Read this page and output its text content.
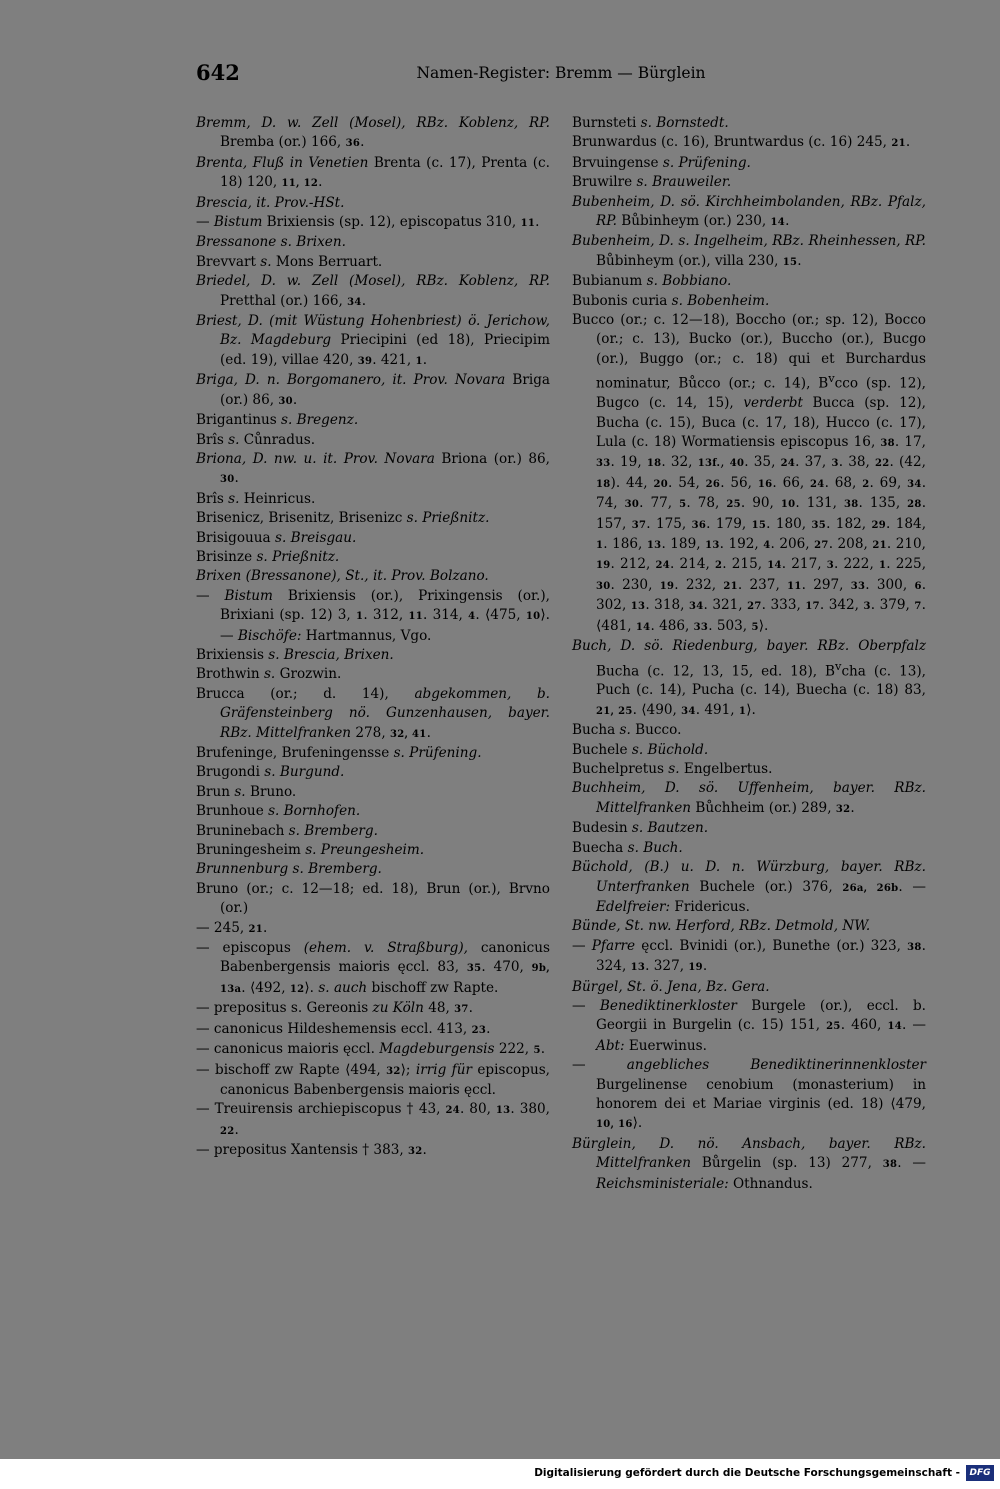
642	Namen-Register: Bremm — Bürglein

Bremm, D. w. Zell (Mosel), RBz. Koblenz, RP. Bremba (or.) 166, 36.

Brenta, Fluß in Venetien Brenta (c. 17), Prenta (c. 18) 120, 11, 12.

Brescia, it. Prov.-HSt.

— Bistum Brixiensis (sp. 12), episcopatus 310, 11.

Bressanone s. Brixen.

Brevvart s. Mons Berruart.

Briedel, D. w. Zell (Mosel), RBz. Koblenz, RP. Pretthal (or.) 166, 34.

Briest, D. (mit Wüstung Hohenbriest) ö. Jerichow, Bz. Magdeburg Priecipini (ed 18), Priecipim (ed. 19), villae 420, 39. 421, 1.

Briga, D. n. Borgomanero, it. Prov. Novara Briga (or.) 86, 30.

Brigantinus s. Bregenz.

Brîs s. Cůnradus.

Briona, D. nw. u. it. Prov. Novara Briona (or.) 86, 30.

Brîs s. Heinricus.

Brisenicz, Brisenitz, Brisenizc s. Prießnitz.

Brisigouua s. Breisgau.

Brisinze s. Prießnitz.

Brixen (Bressanone), St., it. Prov. Bolzano.

— Bistum Brixiensis (or.), Prixingensis (or.), Brixiani (sp. 12) 3, 1. 312, 11. 314, 4. ⟨475, 10⟩. — Bischöfe: Hartmannus, Vgo.

Brixiensis s. Brescia, Brixen.

Brothwin s. Grozwin.

Brucca (or.; d. 14), abgekommen, b. Gräfensteinberg nö. Gunzenhausen, bayer. RBz. Mittelfranken 278, 32, 41.

Brufeninge, Brufeningensse s. Prüfening.

Brugondi s. Burgund.

Brun s. Bruno.

Brunhoue s. Bornhofen.

Bruninebach s. Bremberg.

Bruningesheim s. Preungesheim.

Brunnenburg s. Bremberg.

Bruno (or.; c. 12—18; ed. 18), Brun (or.), Brvno (or.)

— 245, 21.

— episcopus (ehem. v. Straßburg), canonicus Babenbergensis maioris ęccl. 83, 35. 470, 9b, 13a. ⟨492, 12⟩. s. auch bischoff zw Rapte.

— prepositus s. Gereonis zu Köln 48, 37.

— canonicus Hildeshemensis eccl. 413, 23.

— canonicus maioris ęccl. Magdeburgensis 222, 5.

— bischoff zw Rapte ⟨494, 32⟩; irrig für episcopus, canonicus Babenbergensis maioris ęccl.

— Treuirensis archiepiscopus † 43, 24. 80, 13. 380, 22.

— prepositus Xantensis † 383, 32.

Burnsteti s. Bornstedt.

Brunwardus (c. 16), Bruntwardus (c. 16) 245, 21.

Brvuingense s. Prüfening.

Bruwilre s. Brauweiler.

Bubenheim, D. sö. Kirchheimbolanden, RBz. Pfalz, RP. Bůbinheym (or.) 230, 14.

Bubenheim, D. s. Ingelheim, RBz. Rheinhessen, RP. Bůbinheym (or.), villa 230, 15.

Bubianum s. Bobbiano.

Bubonis curia s. Bobenheim.

Bucco (or.; c. 12—18), Boccho (or.; sp. 12), Bocco (or.; c. 13), Bucko (or.), Buccho (or.), Bucgo (or.), Buggo (or.; c. 18) qui et Burchardus nominatur, Bůcco (or.; c. 14), $B^vcco$ (sp. 12), Bugco (c. 14, 15), verderbt Bucca (sp. 12), Bucha (c. 15), Buca (c. 17, 18), Hucco (c. 17), Lula (c. 18) Wormatiensis episcopus 16, 38. 17, 33. 19, 18. 32, 13f., 40. 35, 24. 37, 3. 38, 22. (42, 18). 44, 20. 54, 26. 56, 16. 66, 24. 68, 2. 69, 34. 74, 30. 77, 5. 78, 25. 90, 10. 131, 38. 135, 28. 157, 37. 175, 36. 179, 15. 180, 35. 182, 29. 184, 1. 186, 13. 189, 13. 192, 4. 206, 27. 208, 21. 210, 19. 212, 24. 214, 2. 215, 14. 217, 3. 222, 1. 225, 30. 230, 19. 232, 21. 237, 11. 297, 33. 300, 6. 302, 13. 318, 34. 321, 27. 333, 17. 342, 3. 379, 7. ⟨481, 14. 486, 33. 503, 5⟩.

Buch, D. sö. Riedenburg, bayer. RBz. Oberpfalz Bucha (c. 12, 13, 15, ed. 18), $B^vcha$ (c. 13), Puch (c. 14), Pucha (c. 14), Buecha (c. 18) 83, 21, 25. ⟨490, 34. 491, 1⟩.

Bucha s. Bucco.

Buchele s. Büchold.

Buchelpretus s. Engelbertus.

Buchheim, D. sö. Uffenheim, bayer. RBz. Mittelfranken Bůchheim (or.) 289, 32.

Budesin s. Bautzen.

Buecha s. Buch.

Büchold, (B.) u. D. n. Würzburg, bayer. RBz. Unterfranken Buchele (or.) 376, 26a, 26b. — Edelfreier: Fridericus.

Bünde, St. nw. Herford, RBz. Detmold, NW.

— Pfarre ęccl. Bvinidi (or.), Bunethe (or.) 323, 38. 324, 13. 327, 19.

Bürgel, St. ö. Jena, Bz. Gera.

— Benediktinerkloster Burgele (or.), eccl. b. Georgii in Burgelin (c. 15) 151, 25. 460, 14. — Abt: Euerwinus.

— angebliches Benediktinerinnenkloster Burgelinense cenobium (monasterium) in honorem dei et Mariae virginis (ed. 18) ⟨479, 10, 16⟩.

Bürglein, D. nö. Ansbach, bayer. RBz. Mittelfranken Bůrgelin (sp. 13) 277, 38. — Reichsministeriale: Othnandus.

Digitalisierung gefördert durch die Deutsche Forschungsgemeinschaft -	DFG
